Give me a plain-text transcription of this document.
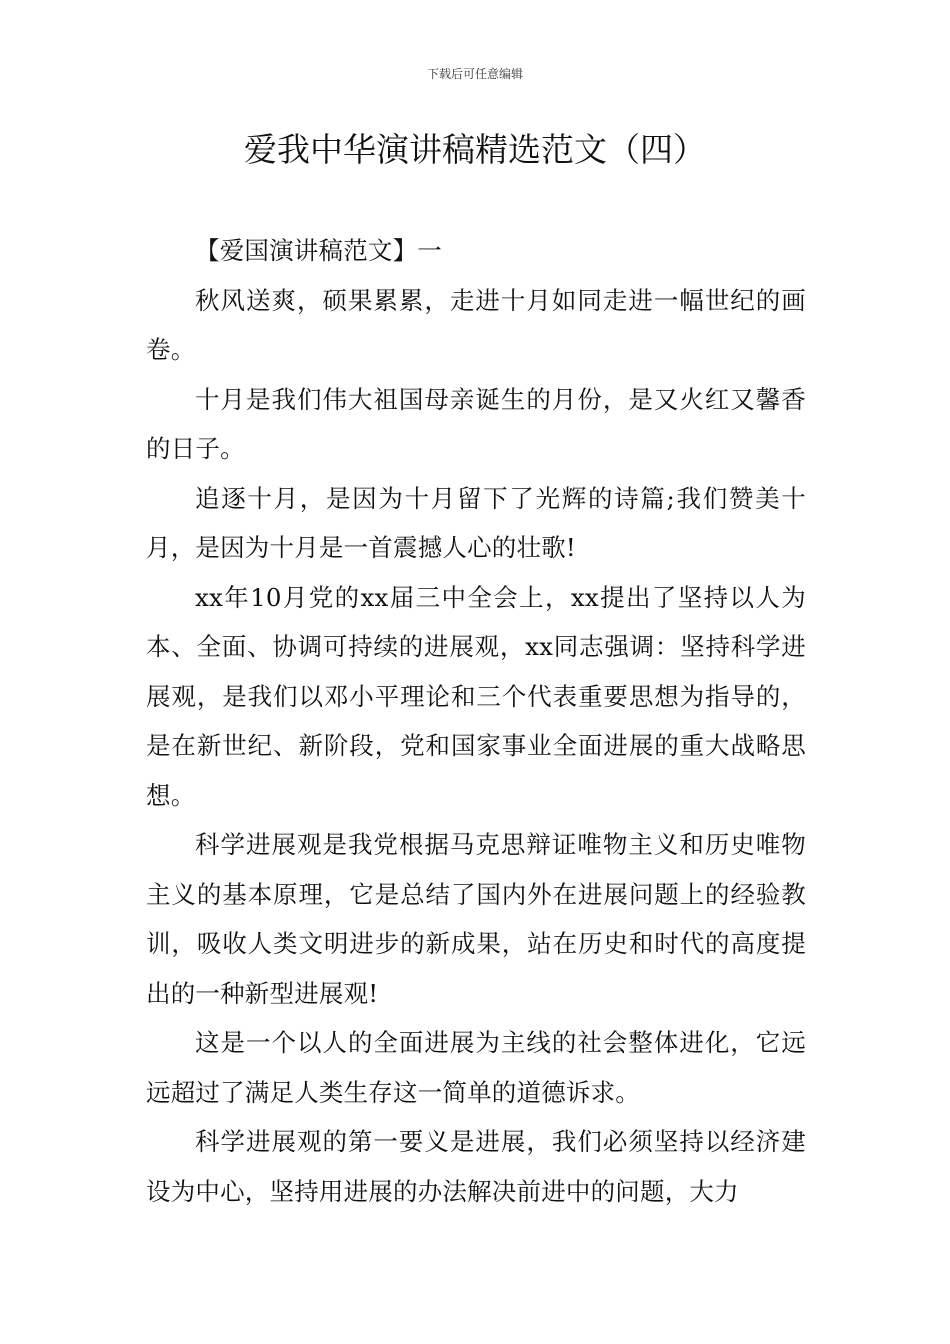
下载后可任意编辑
爱我中华演讲稿精选范文（四）

【爱国演讲稿范文】一

秋风送爽，硕果累累，走进十月如同走进一幅世纪的画卷。

十月是我们伟大祖国母亲诞生的月份，是又火红又馨香的日子。

追逐十月，是因为十月留下了光辉的诗篇;我们赞美十月，是因为十月是一首震撼人心的壮歌!

xx年10月党的xx届三中全会上，xx提出了坚持以人为本、全面、协调可持续的进展观，xx同志强调：坚持科学进展观，是我们以邓小平理论和三个代表重要思想为指导的，是在新世纪、新阶段，党和国家事业全面进展的重大战略思想。

科学进展观是我党根据马克思辩证唯物主义和历史唯物主义的基本原理，它是总结了国内外在进展问题上的经验教训，吸收人类文明进步的新成果，站在历史和时代的高度提出的一种新型进展观!

这是一个以人的全面进展为主线的社会整体进化，它远远超过了满足人类生存这一简单的道德诉求。

科学进展观的第一要义是进展，我们必须坚持以经济建设为中心，坚持用进展的办法解决前进中的问题，大力
